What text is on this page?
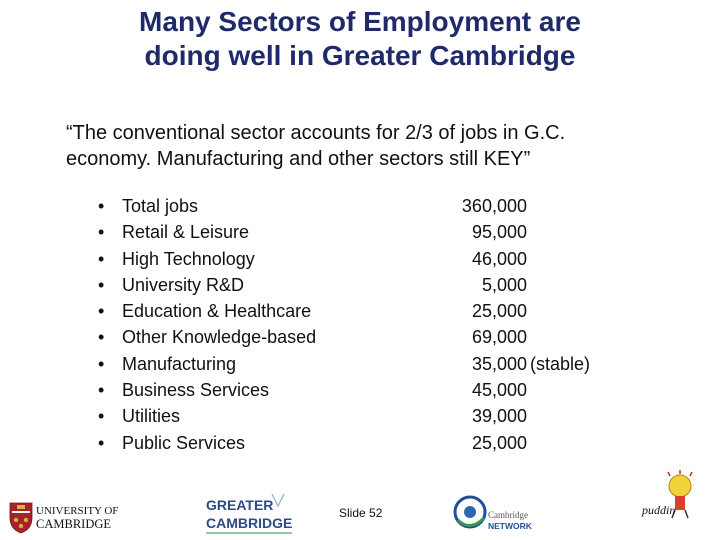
Many Sectors of Employment are
doing well in Greater Cambridge
“The conventional sector accounts for 2/3 of jobs in G.C.
economy. Manufacturing and other sectors still KEY”
• Total jobs	360,000
• Retail & Leisure	95,000
• High Technology	46,000
• University R&D	5,000
• Education & Healthcare	25,000
• Other Knowledge-based	69,000
• Manufacturing	35,000 (stable)
• Business Services	45,000
• Utilities	39,000
• Public Services	25,000
UNIVERSITY OF
CAMBRIDGE
GREATER
CAMBRIDGE
Slide 52	Cambridge
NETWORK
puddin
